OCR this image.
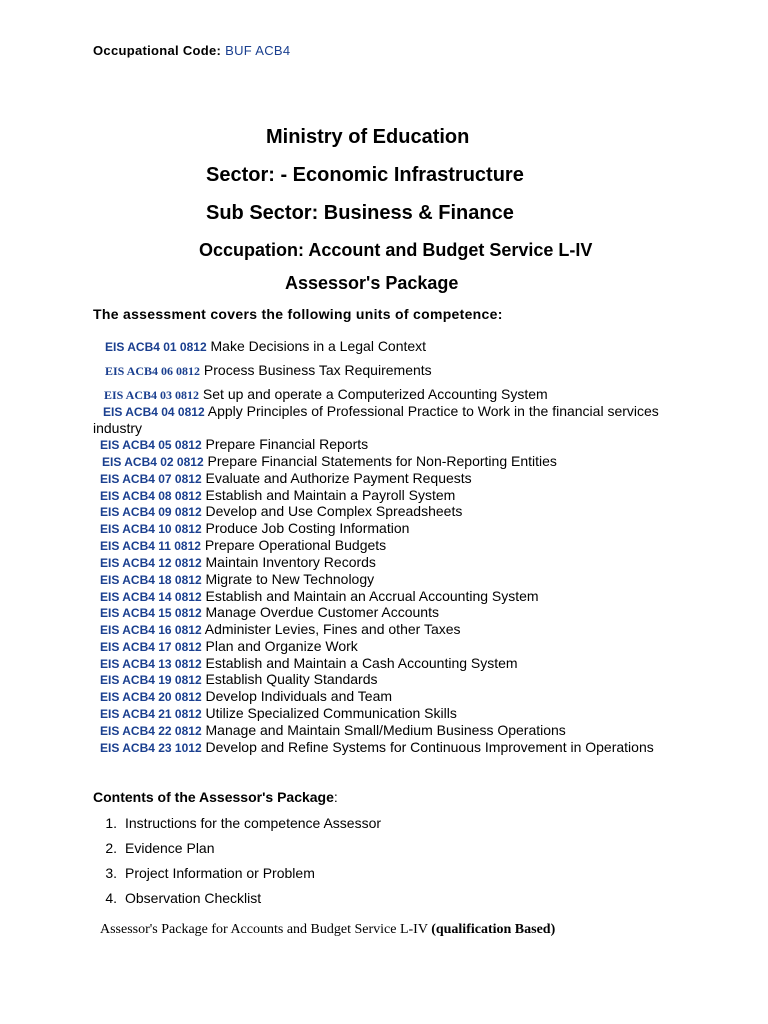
Occupational Code: BUF ACB4
Ministry of Education
Sector: - Economic Infrastructure
Sub Sector: Business & Finance
Occupation: Account and Budget Service L-IV
Assessor's Package
The assessment covers the following units of competence:
EIS ACB4 01 0812 Make Decisions in a Legal Context
EIS ACB4 06 0812 Process Business Tax Requirements
EIS ACB4 03 0812 Set up and operate a Computerized Accounting System
EIS ACB4 04 0812 Apply Principles of Professional Practice to Work in the financial services industry
EIS ACB4 05 0812 Prepare Financial Reports
EIS ACB4 02 0812 Prepare Financial Statements for Non-Reporting Entities
EIS ACB4 07 0812 Evaluate and Authorize Payment Requests
EIS ACB4 08 0812 Establish and Maintain a Payroll System
EIS ACB4 09 0812 Develop and Use Complex Spreadsheets
EIS ACB4 10 0812 Produce Job Costing Information
EIS ACB4 11 0812 Prepare Operational Budgets
EIS ACB4 12 0812 Maintain Inventory Records
EIS ACB4 18 0812 Migrate to New Technology
EIS ACB4 14 0812 Establish and Maintain an Accrual Accounting System
EIS ACB4 15 0812 Manage Overdue Customer Accounts
EIS ACB4 16 0812 Administer Levies, Fines and other Taxes
EIS ACB4 17 0812 Plan and Organize Work
EIS ACB4 13 0812 Establish and Maintain a Cash Accounting System
EIS ACB4 19 0812 Establish Quality Standards
EIS ACB4 20 0812 Develop Individuals and Team
EIS ACB4 21 0812 Utilize Specialized Communication Skills
EIS ACB4 22 0812 Manage and Maintain Small/Medium Business Operations
EIS ACB4 23 1012 Develop and Refine Systems for Continuous Improvement in Operations
Contents of the Assessor's Package:
1. Instructions for the competence Assessor
2. Evidence Plan
3. Project Information or Problem
4. Observation Checklist
Assessor's Package for Accounts and Budget Service L-IV (qualification Based)
